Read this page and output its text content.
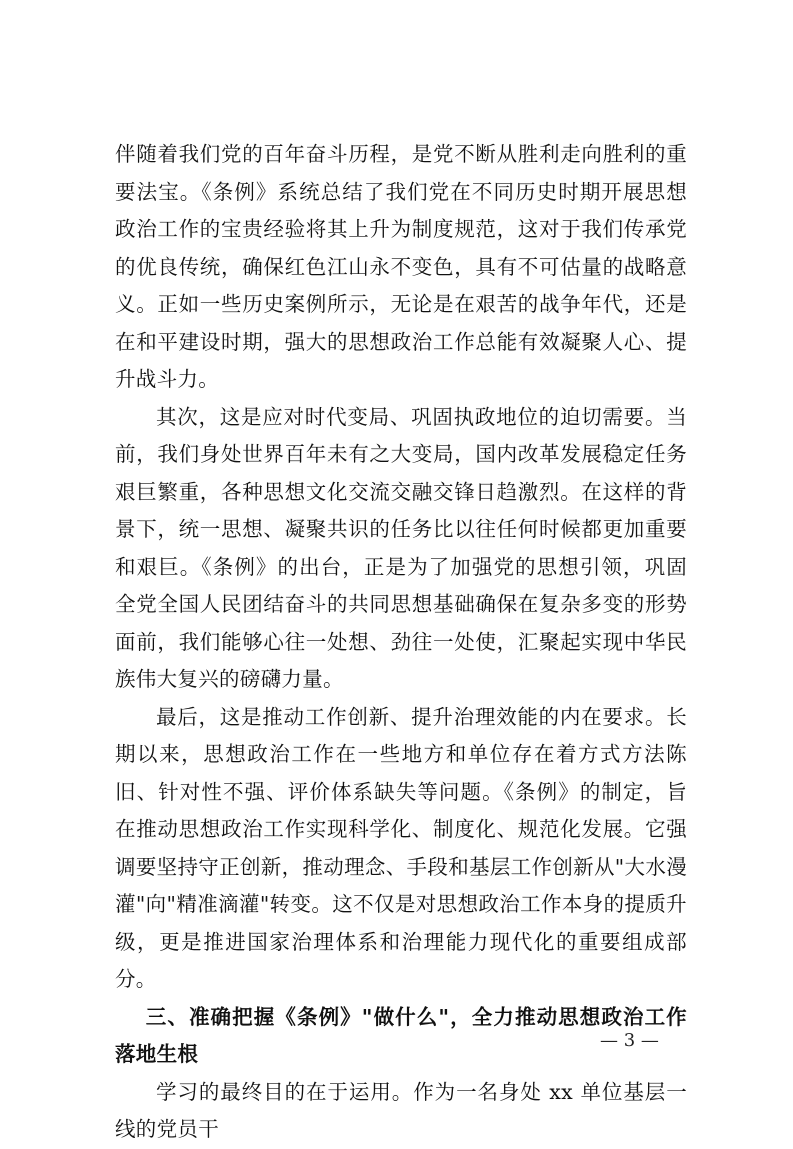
伴随着我们党的百年奋斗历程，是党不断从胜利走向胜利的重要法宝。《条例》系统总结了我们党在不同历史时期开展思想政治工作的宝贵经验将其上升为制度规范，这对于我们传承党的优良传统，确保红色江山永不变色，具有不可估量的战略意义。正如一些历史案例所示，无论是在艰苦的战争年代，还是在和平建设时期，强大的思想政治工作总能有效凝聚人心、提升战斗力。

其次，这是应对时代变局、巩固执政地位的迫切需要。当前，我们身处世界百年未有之大变局，国内改革发展稳定任务艰巨繁重，各种思想文化交流交融交锋日趋激烈。在这样的背景下，统一思想、凝聚共识的任务比以往任何时候都更加重要和艰巨。《条例》的出台，正是为了加强党的思想引领，巩固全党全国人民团结奋斗的共同思想基础确保在复杂多变的形势面前，我们能够心往一处想、劲往一处使，汇聚起实现中华民族伟大复兴的磅礴力量。

最后，这是推动工作创新、提升治理效能的内在要求。长期以来，思想政治工作在一些地方和单位存在着方式方法陈旧、针对性不强、评价体系缺失等问题。《条例》的制定，旨在推动思想政治工作实现科学化、制度化、规范化发展。它强调要坚持守正创新，推动理念、手段和基层工作创新从"大水漫灌"向"精准滴灌"转变。这不仅是对思想政治工作本身的提质升级，更是推进国家治理体系和治理能力现代化的重要组成部分。

三、准确把握《条例》"做什么"，全力推动思想政治工作落地生根

学习的最终目的在于运用。作为一名身处 xx 单位基层一线的党员干

— 3 —
